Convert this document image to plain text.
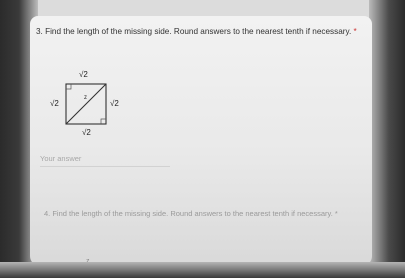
3. Find the length of the missing side. Round answers to the nearest tenth if necessary. *
√2
√2	√2
√2
z
Your answer
4. Find the length of the missing side. Round answers to the nearest tenth if necessary. *
